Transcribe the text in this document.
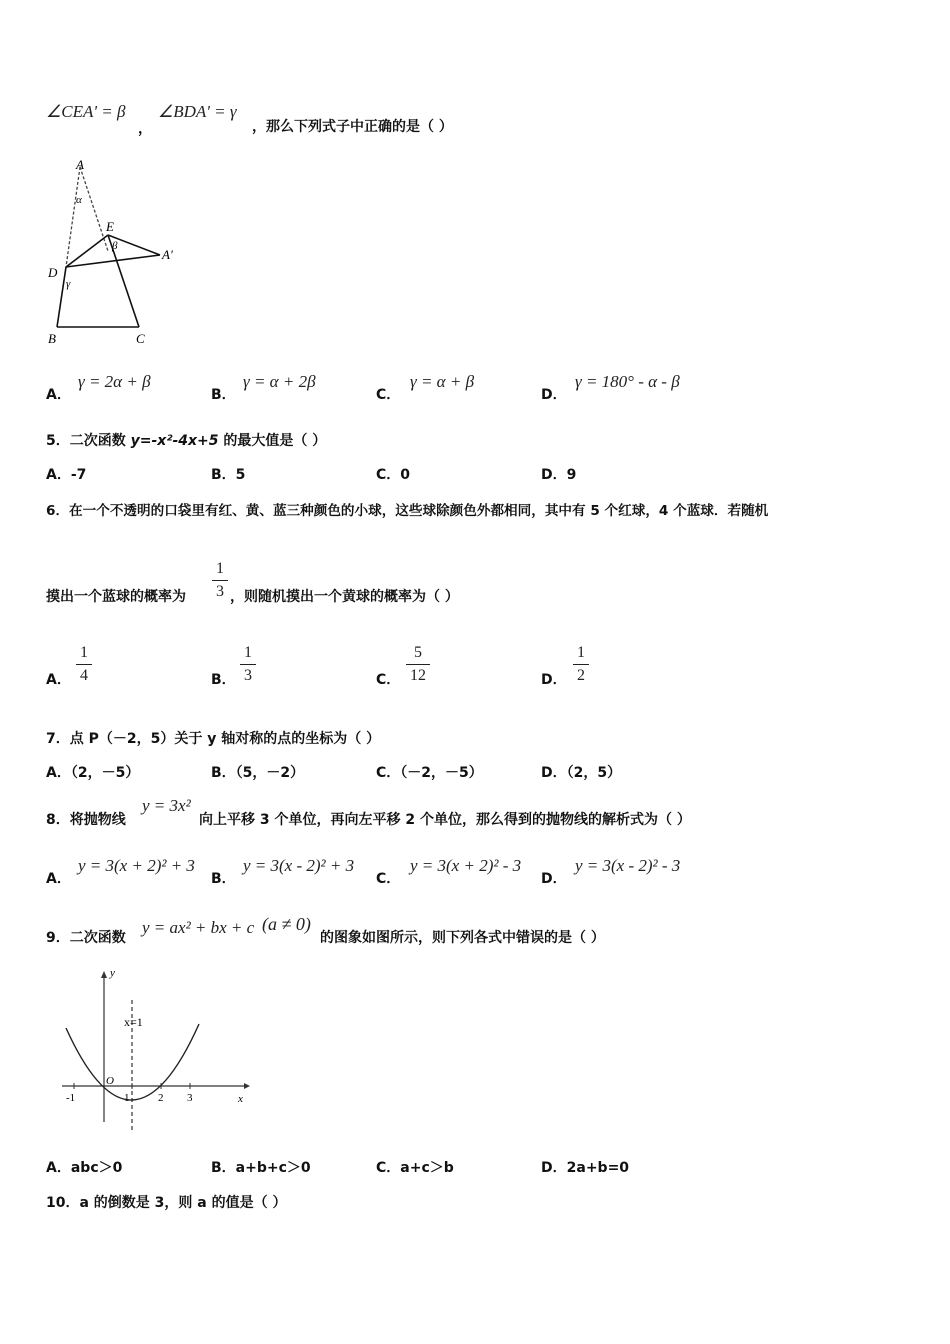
∠CEA' = β
，
∠BDA' = γ
，那么下列式子中正确的是（ ）
A
α
E
β
A'
D
γ
B	C
A．
γ = 2α + β
B．
γ = α + 2β
C．
γ = α + β
D．
γ = 180° - α - β
5．二次函数 y=-x²-4x+5 的最大值是（ ）
A．-7	B．5	C．0	D．9
6．在一个不透明的口袋里有红、黄、蓝三种颜色的小球，这些球除颜色外都相同，其中有 5 个红球，4 个蓝球．若随机
摸出一个蓝球的概率为
1
3 ，则随机摸出一个黄球的概率为（ ）
A．
1
4	B．
1
3	C．
5
12	D．
1
2
7．点 P（－2，5）关于 y 轴对称的点的坐标为（ ）
A．（2，－5）	B．（5，－2）	C．（－2，－5）	D．（2，5）
8．将抛物线
y = 3x²
向上平移 3 个单位，再向左平移 2 个单位，那么得到的抛物线的解析式为（ ）
A．
y = 3(x + 2)² + 3
B．
y = 3(x - 2)² + 3
C．
y = 3(x + 2)² - 3
D．
y = 3(x - 2)² - 3
9．二次函数
y = ax² + bx + c (a ≠ 0)
的图象如图所示，则下列各式中错误的是（ ）
y
x
x=1
O
-1	1	2 3
A．abc＞0	B．a+b+c＞0	C．a+c＞b	D．2a+b=0
10．a 的倒数是 3，则 a 的值是（ ）
